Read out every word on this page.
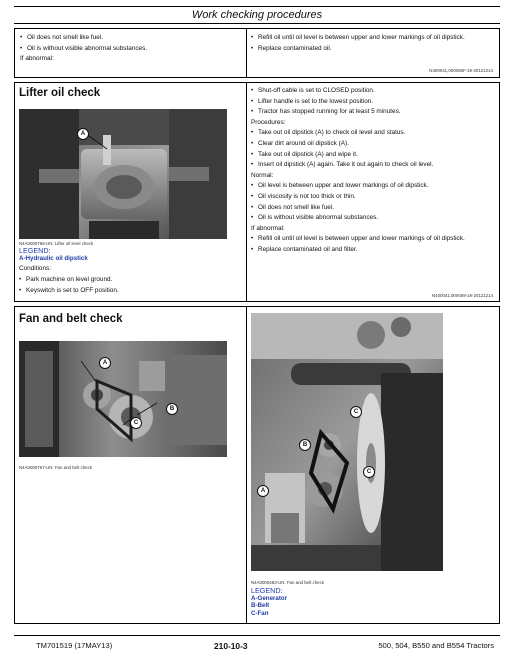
Work checking procedures
• Oil does not smell like fuel.
• Oil is without visible abnormal substances.
If abnormal:
• Refill oil until oil level is between upper and lower markings of oil dipstick.
• Replace contaminated oil.
N400041,000065F-19-20121214
Lifter oil check
A
N4A0000766-UN: Lifter oil level check
LEGEND:
A-Hydraulic oil dipstick
Conditions:
• Park machine on level ground.
• Keyswitch is set to OFF position.
• Shut-off cable is set to CLOSED position.
• Lifter handle is set to the lowest position.
• Tractor has stopped running for at least 5 minutes.
Procedures:
• Take out oil dipstick (A) to check oil level and status.
• Clear dirt around oil dipstick (A).
• Take out oil dipstick (A) and wipe it.
• Insert oil dipstick (A) again. Take it out again to check oil level.
Normal:
• Oil level is between upper and lower markings of oil dipstick.
• Oil viscosity is not too thick or thin.
• Oil does not smell like fuel.
• Oil is without visible abnormal substances.
If abnormal:
• Refill oil until oil level is between upper and lower markings of oil dipstick.
• Replace contaminated oil and filter.
N400041,000069-19-20121214
Fan and belt check
A
B
C
N4A0000767-UN: Fan and belt check
C
B
C
A
N4A0000483-UN: Fan and belt check
LEGEND:
A-Generator
B-Belt
C-Fan
TM701519 (17MAY13)	210-10-3	500, 504, B550 and B554 Tractors
